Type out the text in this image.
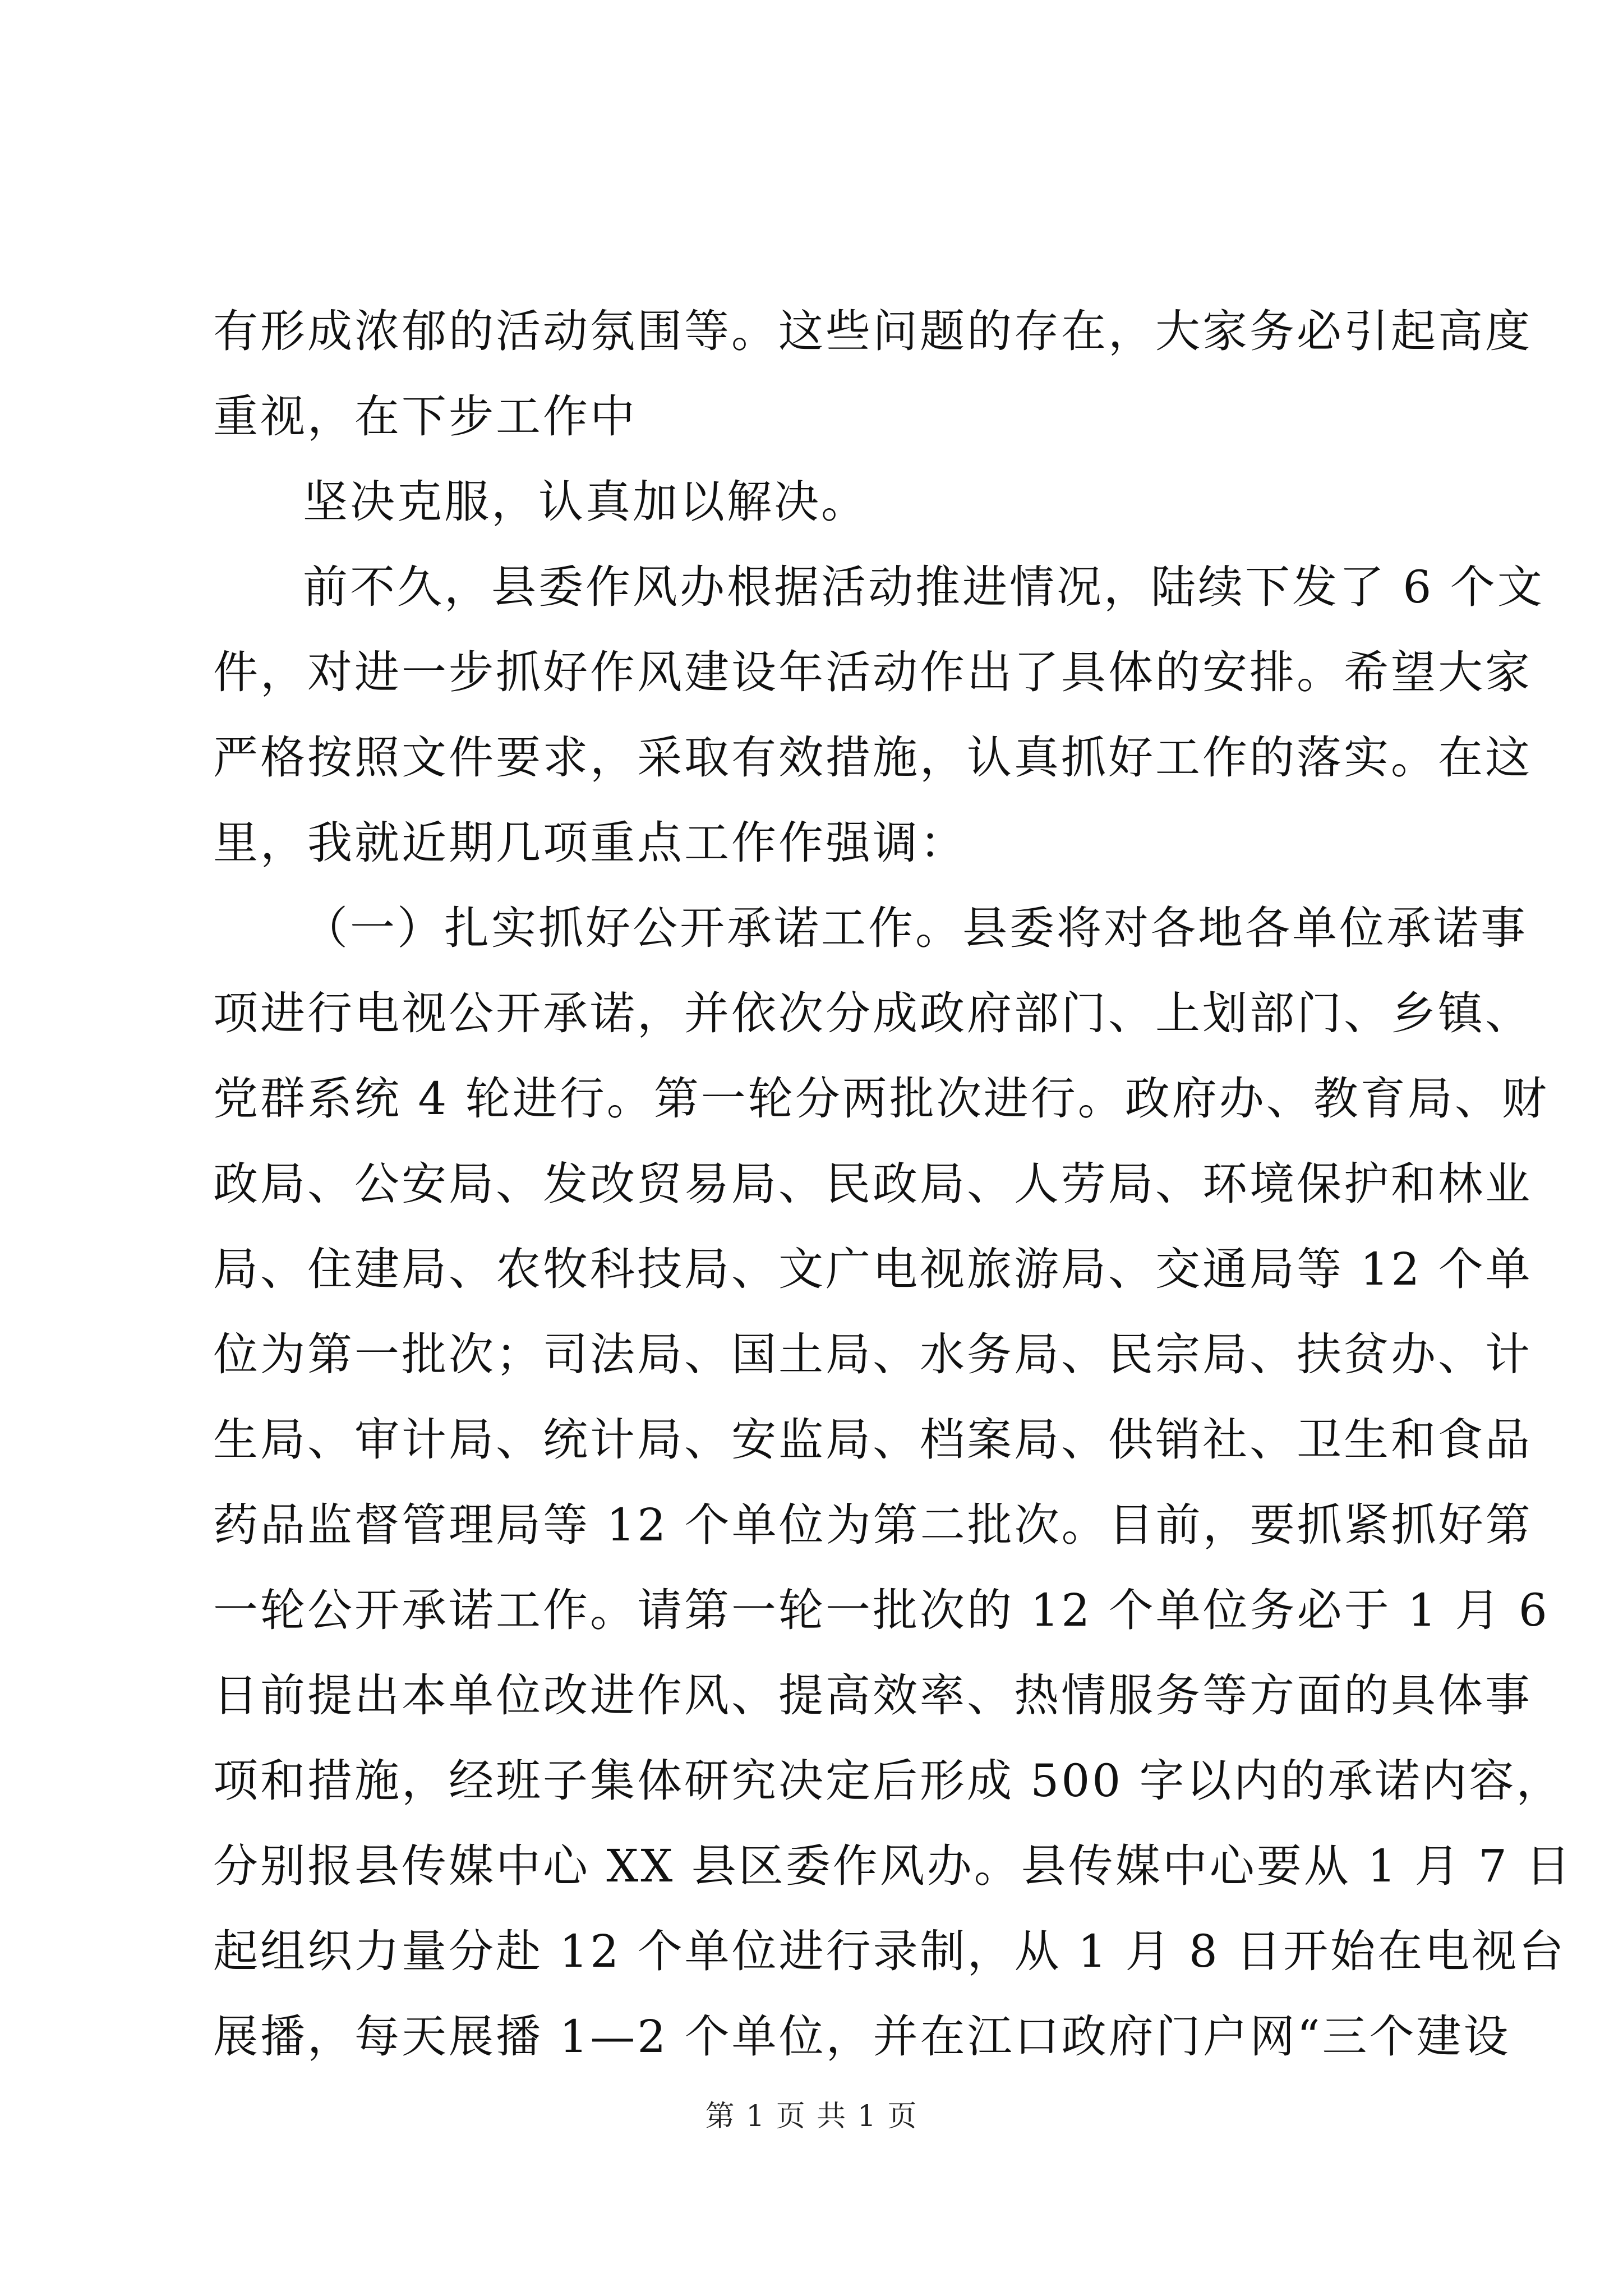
有形成浓郁的活动氛围等。这些问题的存在，大家务必引起高度
重视，在下步工作中
坚决克服，认真加以解决。
前不久，县委作风办根据活动推进情况，陆续下发了 6 个文
件，对进一步抓好作风建设年活动作出了具体的安排。希望大家
严格按照文件要求，采取有效措施，认真抓好工作的落实。在这
里，我就近期几项重点工作作强调：
（一）扎实抓好公开承诺工作。县委将对各地各单位承诺事
项进行电视公开承诺，并依次分成政府部门、上划部门、乡镇、
党群系统 4 轮进行。第一轮分两批次进行。政府办、教育局、财
政局、公安局、发改贸易局、民政局、人劳局、环境保护和林业
局、住建局、农牧科技局、文广电视旅游局、交通局等 12 个单
位为第一批次；司法局、国土局、水务局、民宗局、扶贫办、计
生局、审计局、统计局、安监局、档案局、供销社、卫生和食品
药品监督管理局等 12 个单位为第二批次。目前，要抓紧抓好第
一轮公开承诺工作。请第一轮一批次的 12 个单位务必于 1 月 6
日前提出本单位改进作风、提高效率、热情服务等方面的具体事
项和措施，经班子集体研究决定后形成 500 字以内的承诺内容，
分别报县传媒中心 XX 县区委作风办。县传媒中心要从 1 月 7 日
起组织力量分赴 12 个单位进行录制，从 1 月 8 日开始在电视台
展播，每天展播 1—2 个单位，并在江口政府门户网“三个建设
第 1 页 共 1 页
